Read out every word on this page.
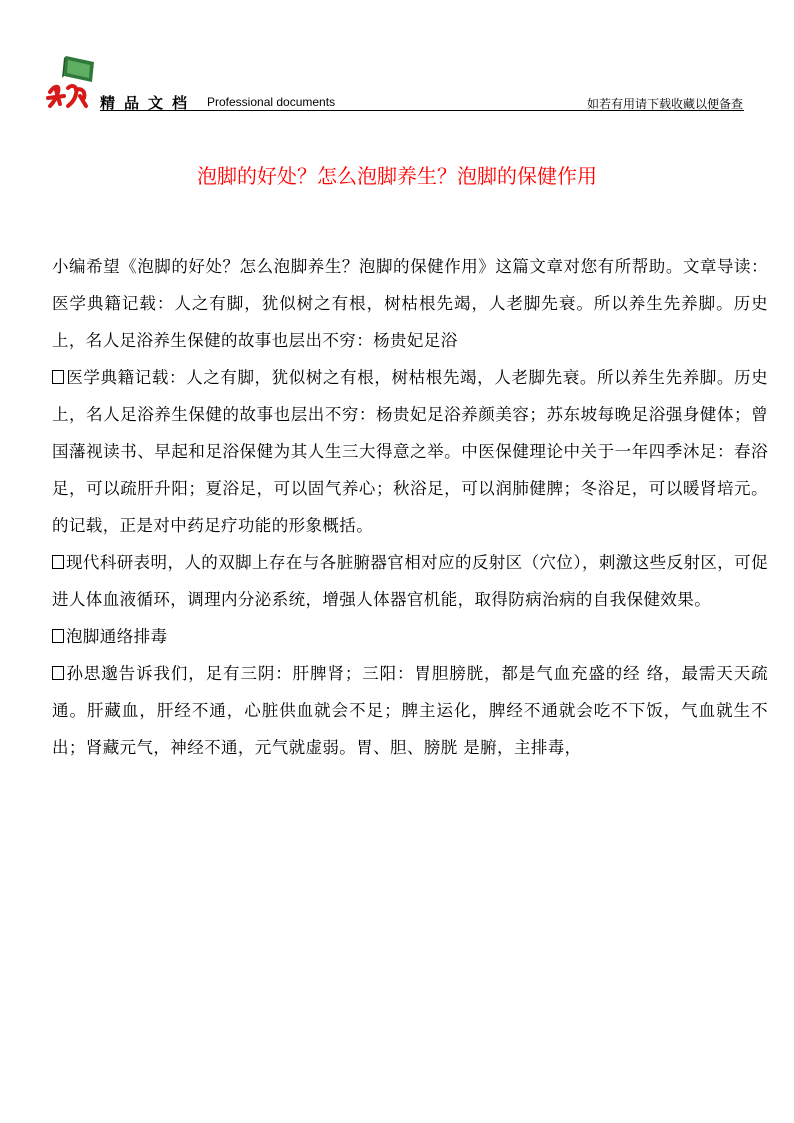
精品文档 Professional documents	如若有用请下载收藏以便备查
泡脚的好处？怎么泡脚养生？泡脚的保健作用

小编希望《泡脚的好处？怎么泡脚养生？泡脚的保健作用》这篇文章对您有所帮助。文章导读：医学典籍记载：人之有脚，犹似树之有根，树枯根先竭，人老脚先衰。所以养生先养脚。历史上，名人足浴养生保健的故事也层出不穷：杨贵妃足浴

医学典籍记载：人之有脚，犹似树之有根，树枯根先竭，人老脚先衰。所以养生先养脚。历史上，名人足浴养生保健的故事也层出不穷：杨贵妃足浴养颜美容；苏东坡每晚足浴强身健体；曾国藩视读书、早起和足浴保健为其人生三大得意之举。中医保健理论中关于一年四季沐足：春浴足，可以疏肝升阳；夏浴足，可以固气养心；秋浴足，可以润肺健脾；冬浴足，可以暖肾培元。的记载，正是对中药足疗功能的形象概括。

现代科研表明，人的双脚上存在与各脏腑器官相对应的反射区（穴位），刺激这些反射区，可促进人体血液循环，调理内分泌系统，增强人体器官机能，取得防病治病的自我保健效果。

泡脚通络排毒

孙思邈告诉我们，足有三阴：肝脾肾；三阳：胃胆膀胱，都是气血充盛的经 络，最需天天疏通。肝藏血，肝经不通，心脏供血就会不足；脾主运化，脾经不通就会吃不下饭，气血就生不出；肾藏元气，神经不通，元气就虚弱。胃、胆、膀胱 是腑，主排毒，
